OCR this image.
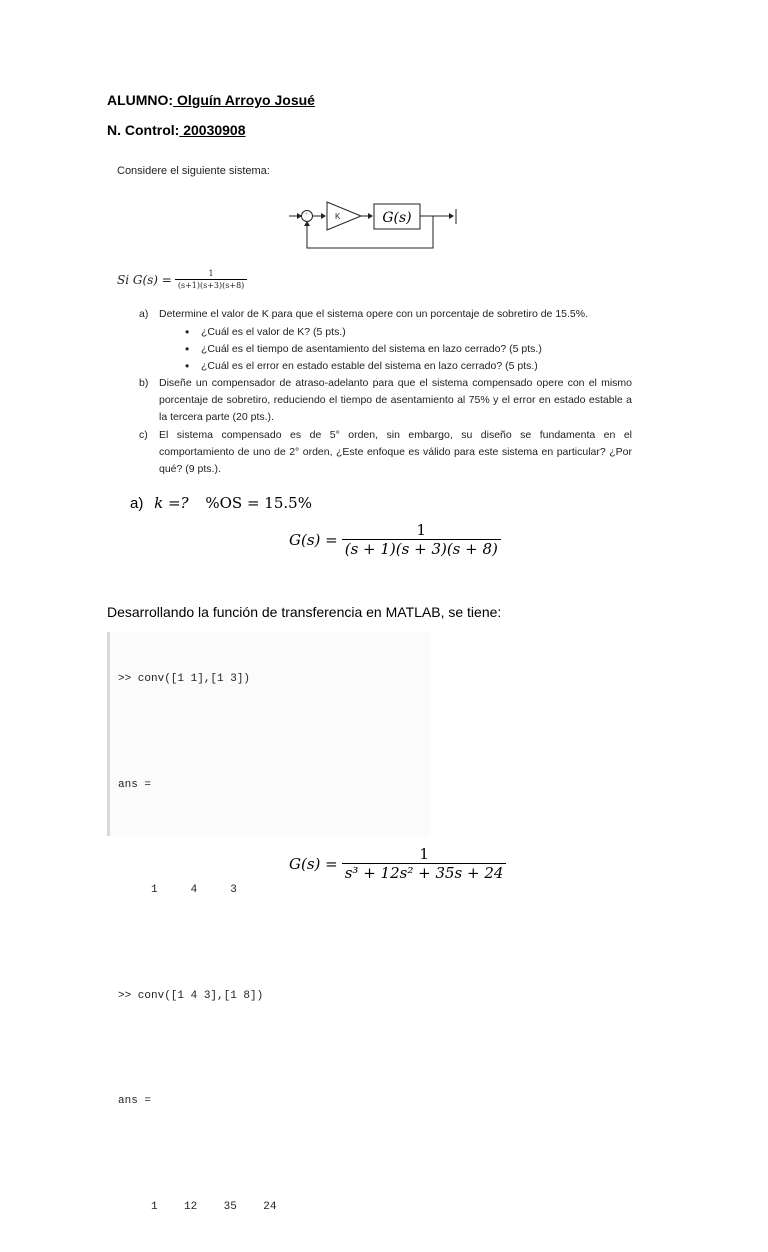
ALUMNO: Olguín Arroyo Josué
N. Control: 20030908
Considere el siguiente sistema:
+
-	K	G(s)
Si $G(s) = \frac{1}{(s+1)(s+3)(s+8)}$
a) Determine el valor de K para que el sistema opere con un porcentaje de sobretiro de 15.5%.
• ¿Cuál es el valor de K? (5 pts.)
• ¿Cuál es el tiempo de asentamiento del sistema en lazo cerrado? (5 pts.)
• ¿Cuál es el error en estado estable del sistema en lazo cerrado? (5 pts.)
b) Diseñe un compensador de atraso-adelanto para que el sistema compensado opere con el mismo porcentaje de sobretiro, reduciendo el tiempo de asentamiento al 75% y el error en estado estable a la tercera parte (20 pts.).
c) El sistema compensado es de 5° orden, sin embargo, su diseño se fundamenta en el comportamiento de uno de 2° orden, ¿Este enfoque es válido para este sistema en particular? ¿Por qué? (9 pts.).
a) k =? %OS = 15.5%
$G(s) = \frac{1}{(s + 1)(s + 3)(s + 8)}$
Desarrollando la función de transferencia en MATLAB, se tiene:

>> conv([1 1],[1 3])

ans =

1     4     3

>> conv([1 4 3],[1 8])

ans =

1    12    35    24

$G(s) = \frac{1}{\text{s³ + 12s² + 35s + 24}}$
